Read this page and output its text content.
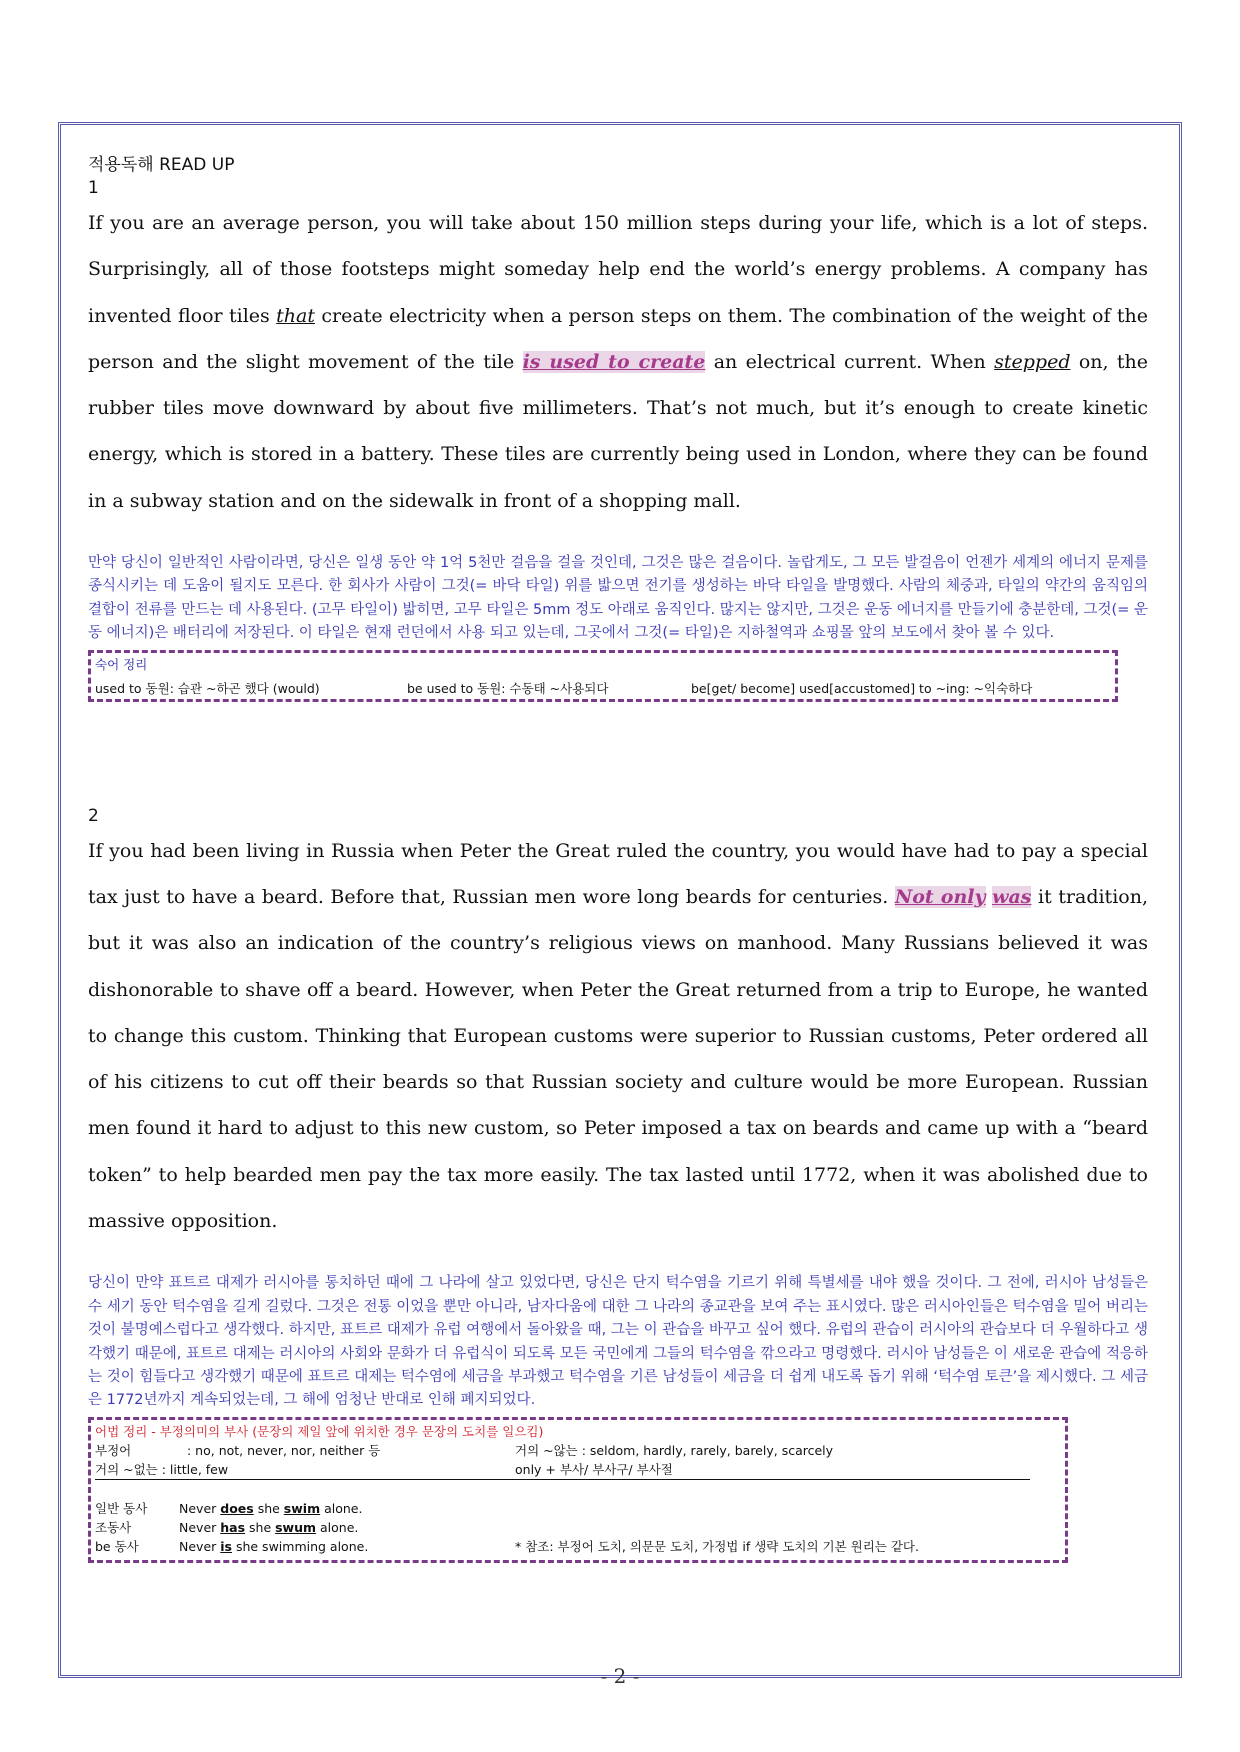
적용독해 READ UP
1

If you are an average person, you will take about 150 million steps during your life, which is a lot of steps. Surprisingly, all of those footsteps might someday help end the world’s energy problems. A company has invented floor tiles that create electricity when a person steps on them. The combination of the weight of the person and the slight movement of the tile is used to create an electrical current. When stepped on, the rubber tiles move downward by about five millimeters. That’s not much, but it’s enough to create kinetic energy, which is stored in a battery. These tiles are currently being used in London, where they can be found in a subway station and on the sidewalk in front of a shopping mall.

만약 당신이 일반적인 사람이라면, 당신은 일생 동안 약 1억 5천만 걸음을 걸을 것인데, 그것은 많은 걸음이다. 놀랍게도, 그 모든 발걸음이 언젠가 세계의 에너지 문제를 종식시키는 데 도움이 될지도 모른다. 한 회사가 사람이 그것(= 바닥 타일) 위를 밟으면 전기를 생성하는 바닥 타일을 발명했다. 사람의 체중과, 타일의 약간의 움직임의 결합이 전류를 만드는 데 사용된다. (고무 타일이) 밟히면, 고무 타일은 5mm 정도 아래로 움직인다. 많지는 않지만, 그것은 운동 에너지를 만들기에 충분한데, 그것(= 운동 에너지)은 배터리에 저장된다. 이 타일은 현재 런던에서 사용 되고 있는데, 그곳에서 그것(= 타일)은 지하철역과 쇼핑몰 앞의 보도에서 찾아 볼 수 있다.

숙어 정리
used to 동원: 습관 ~하곤 했다 (would)	be used to 동원: 수동태 ~사용되다	be[get/ become] used[accustomed] to ~ing: ~익숙하다
2

If you had been living in Russia when Peter the Great ruled the country, you would have had to pay a special tax just to have a beard. Before that, Russian men wore long beards for centuries. Not only was it tradition, but it was also an indication of the country’s religious views on manhood. Many Russians believed it was dishonorable to shave off a beard. However, when Peter the Great returned from a trip to Europe, he wanted to change this custom. Thinking that European customs were superior to Russian customs, Peter ordered all of his citizens to cut off their beards so that Russian society and culture would be more European. Russian men found it hard to adjust to this new custom, so Peter imposed a tax on beards and came up with a “beard token” to help bearded men pay the tax more easily. The tax lasted until 1772, when it was abolished due to massive opposition.

당신이 만약 표트르 대제가 러시아를 통치하던 때에 그 나라에 살고 있었다면, 당신은 단지 턱수염을 기르기 위해 특별세를 내야 했을 것이다. 그 전에, 러시아 남성들은 수 세기 동안 턱수염을 길게 길렀다. 그것은 전통 이었을 뿐만 아니라, 남자다움에 대한 그 나라의 종교관을 보여 주는 표시였다. 많은 러시아인들은 턱수염을 밀어 버리는 것이 불명예스럽다고 생각했다. 하지만, 표트르 대제가 유럽 여행에서 돌아왔을 때, 그는 이 관습을 바꾸고 싶어 했다. 유럽의 관습이 러시아의 관습보다 더 우월하다고 생각했기 때문에, 표트르 대제는 러시아의 사회와 문화가 더 유럽식이 되도록 모든 국민에게 그들의 턱수염을 깎으라고 명령했다. 러시아 남성들은 이 새로운 관습에 적응하는 것이 힘들다고 생각했기 때문에 표트르 대제는 턱수염에 세금을 부과했고 턱수염을 기른 남성들이 세금을 더 쉽게 내도록 돕기 위해 ‘턱수염 토큰’을 제시했다. 그 세금은 1772년까지 계속되었는데, 그 해에 엄청난 반대로 인해 폐지되었다.

어법 정리 - 부정의미의 부사 (문장의 제일 앞에 위치한 경우 문장의 도치를 일으킴)
부정어	: no, not, never, nor, neither 등	거의 ~않는 : seldom, hardly, rarely, barely, scarcely
거의 ~없는 : little, few	only + 부사/ 부사구/ 부사절
일반 동사	Never does she swim alone.
조동사	Never has she swum alone.
be 동사	Never is she swimming alone.	* 참조: 부정어 도치, 의문문 도치, 가정법 if 생략 도치의 기본 원리는 같다.
- 2 -
